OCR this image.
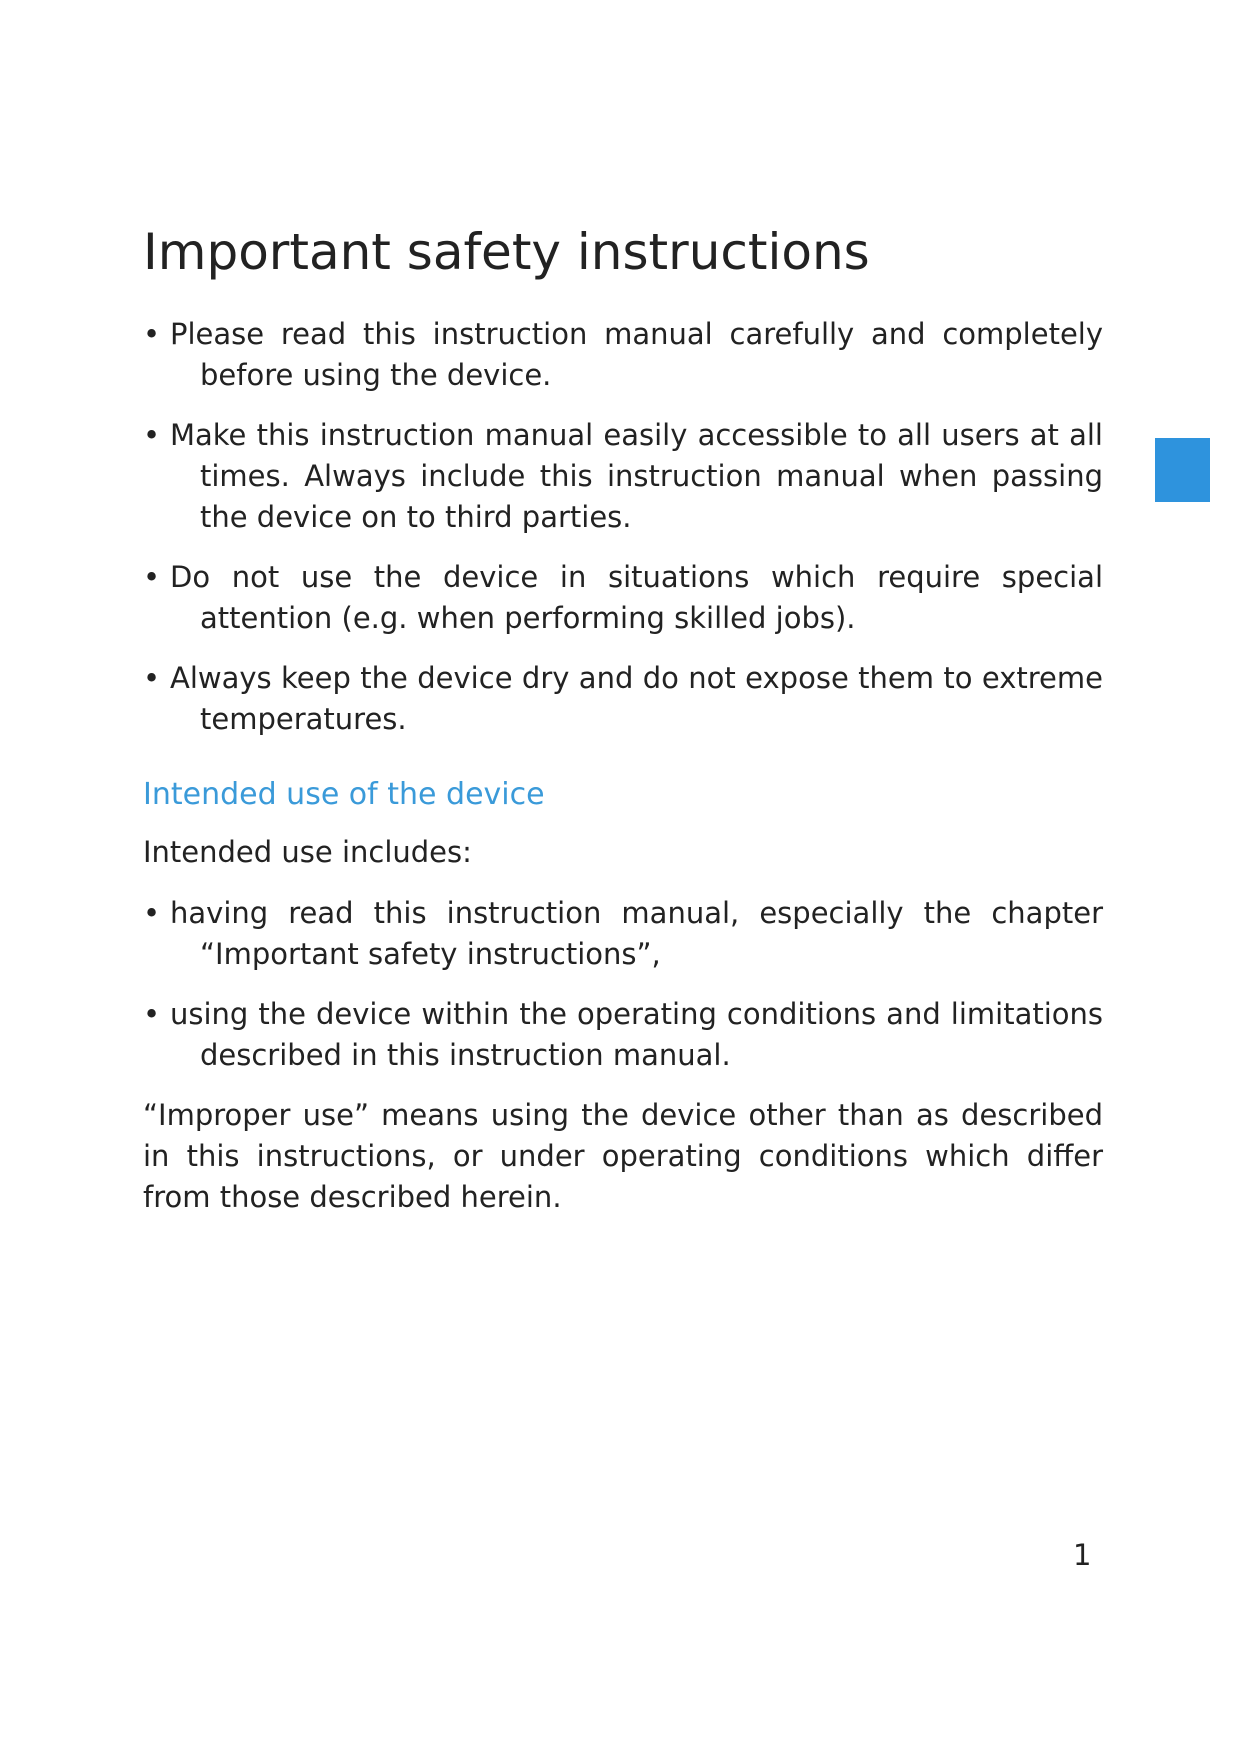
Important safety instructions
• Please read this instruction manual carefully and completely before using the device.
• Make this instruction manual easily accessible to all users at all times. Always include this instruction manual when passing the device on to third parties.
• Do not use the device in situations which require special attention (e.g. when performing skilled jobs).
• Always keep the device dry and do not expose them to extreme temperatures.
Intended use of the device

Intended use includes:

• having read this instruction manual, especially the chapter “Important safety instructions”,
• using the device within the operating conditions and limitations described in this instruction manual.

“Improper use” means using the device other than as described in this instructions, or under operating conditions which differ from those described herein.

1
